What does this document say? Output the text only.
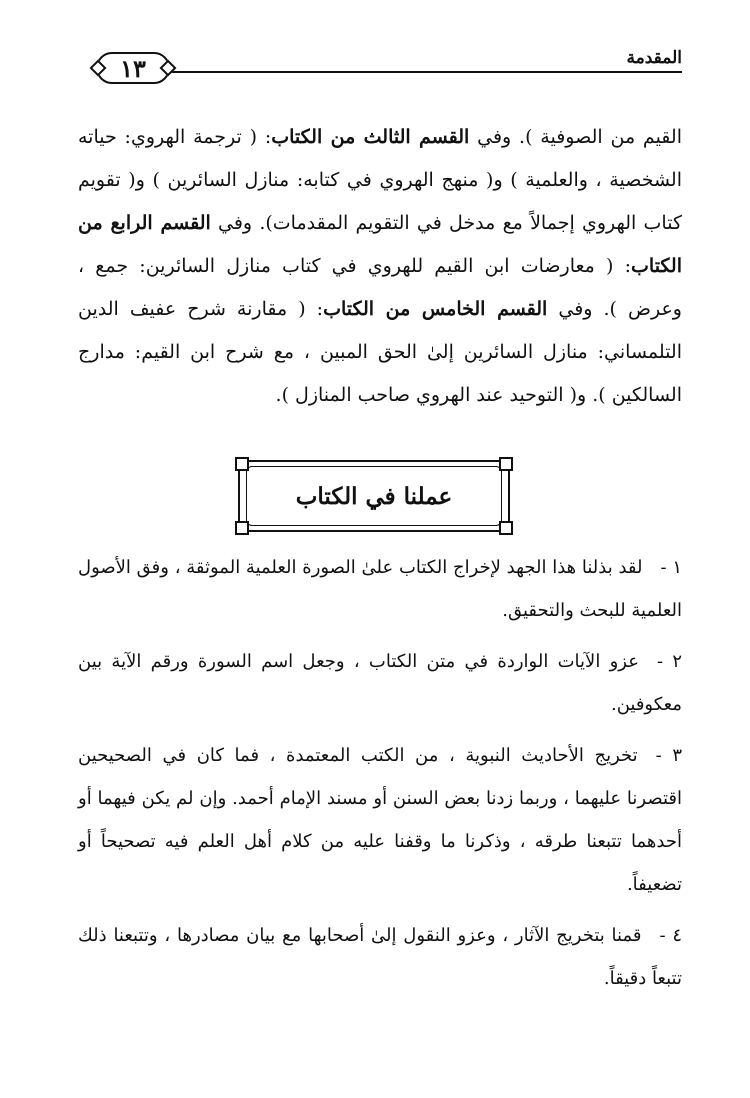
المقدمة
١٣

القيم من الصوفية ). وفي القسم الثالث من الكتاب: ( ترجمة الهروي: حياته الشخصية ، والعلمية ) و( منهج الهروي في كتابه: منازل السائرين ) و( تقويم كتاب الهروي إجمالاً مع مدخل في التقويم المقدمات). وفي القسم الرابع من الكتاب: ( معارضات ابن القيم للهروي في كتاب منازل السائرين: جمع ، وعرض ). وفي القسم الخامس من الكتاب: ( مقارنة شرح عفيف الدين التلمساني: منازل السائرين إلىٰ الحق المبين ، مع شرح ابن القيم: مدارج السالكين ). و( التوحيد عند الهروي صاحب المنازل ).

عملنا في الكتاب

١ -لقد بذلنا هذا الجهد لإخراج الكتاب علىٰ الصورة العلمية الموثقة ، وفق الأصول العلمية للبحث والتحقيق.

٢ -عزو الآيات الواردة في متن الكتاب ، وجعل اسم السورة ورقم الآية بين معكوفين.

٣ -تخريج الأحاديث النبوية ، من الكتب المعتمدة ، فما كان في الصحيحين اقتصرنا عليهما ، وربما زدنا بعض السنن أو مسند الإمام أحمد. وإن لم يكن فيهما أو أحدهما تتبعنا طرقه ، وذكرنا ما وقفنا عليه من كلام أهل العلم فيه تصحيحاً أو تضعيفاً.

٤ -قمنا بتخريج الآثار ، وعزو النقول إلىٰ أصحابها مع بيان مصادرها ، وتتبعنا ذلك تتبعاً دقيقاً.
